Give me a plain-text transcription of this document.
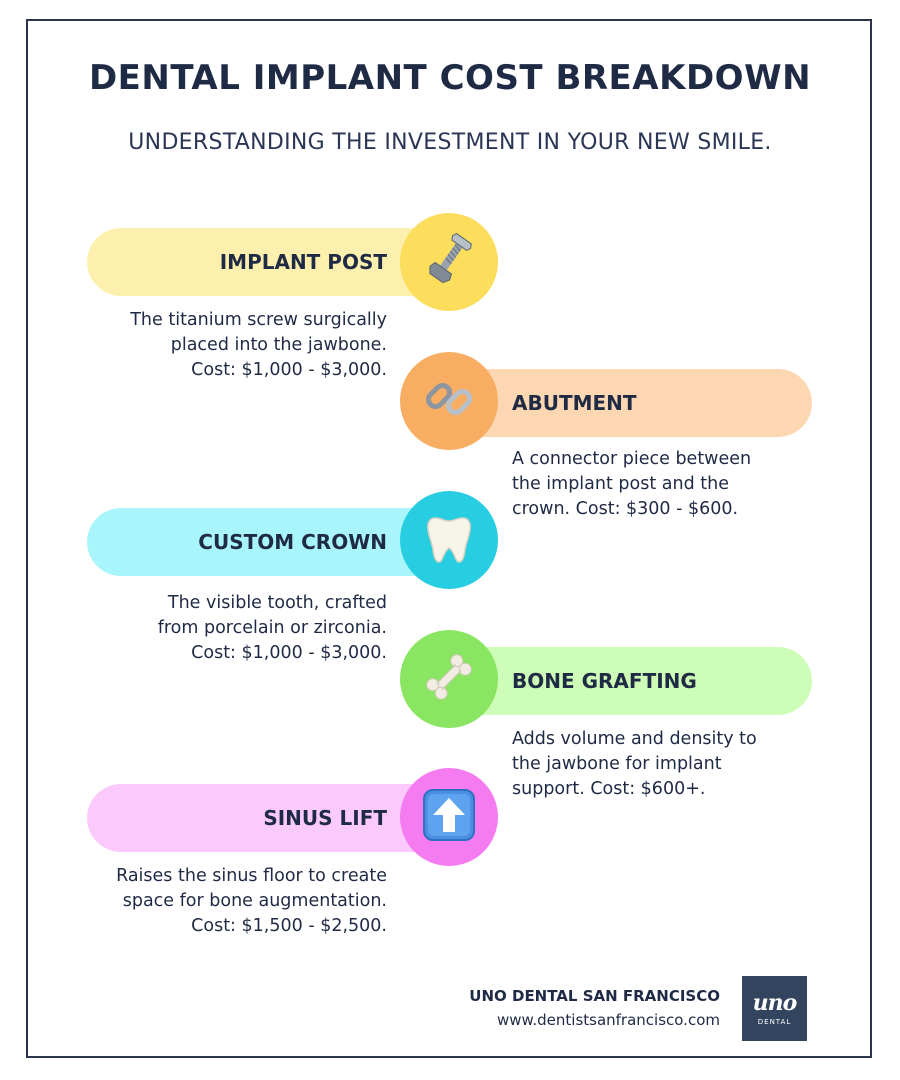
DENTAL IMPLANT COST BREAKDOWN
UNDERSTANDING THE INVESTMENT IN YOUR NEW SMILE.
IMPLANT POST

The titanium screw surgically
placed into the jawbone.
Cost: $1,000 - $3,000.

ABUTMENT

A connector piece between
the implant post and the
crown. Cost: $300 - $600.

CUSTOM CROWN

The visible tooth, crafted
from porcelain or zirconia.
Cost: $1,000 - $3,000.

BONE GRAFTING

Adds volume and density to
the jawbone for implant
support. Cost: $600+.

SINUS LIFT

Raises the sinus floor to create
space for bone augmentation.
Cost: $1,500 - $2,500.

UNO DENTAL SAN FRANCISCO
www.dentistsanfrancisco.com
uno
DENTAL
